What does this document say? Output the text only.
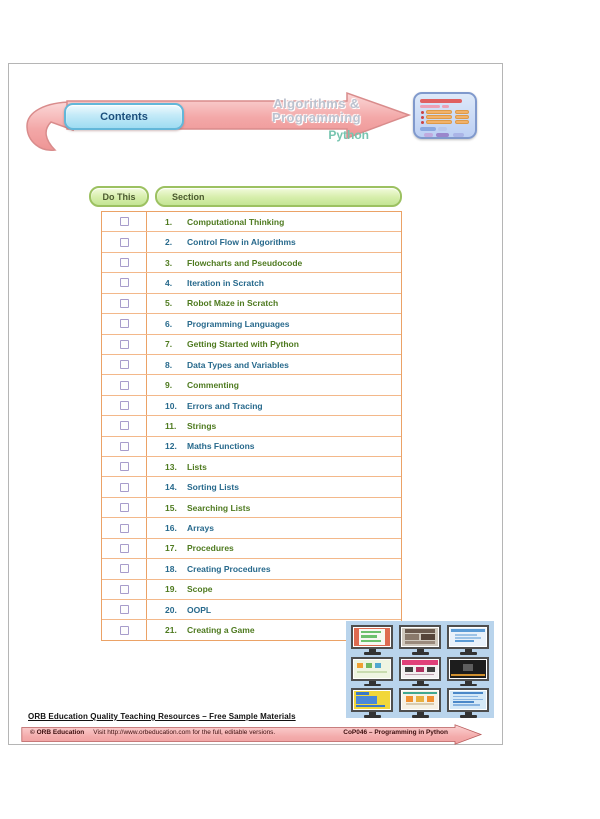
Contents
Algorithms &
Programming
Python
Do This	Section
1.	Computational Thinking
2.	Control Flow in Algorithms
3.	Flowcharts and Pseudocode
4.	Iteration in Scratch
5.	Robot Maze in Scratch
6.	Programming Languages
7.	Getting Started with Python
8.	Data Types and Variables
9.	Commenting
10.	Errors and Tracing
11.	Strings
12.	Maths Functions
13.	Lists
14.	Sorting Lists
15.	Searching Lists
16.	Arrays
17.	Procedures
18.	Creating Procedures
19.	Scope
20.	OOPL
21.	Creating a Game
ORB Education Quality Teaching Resources – Free Sample Materials
© ORB Education Visit http://www.orbeducation.com for the full, editable versions.	CoP046 – Programming in Python
